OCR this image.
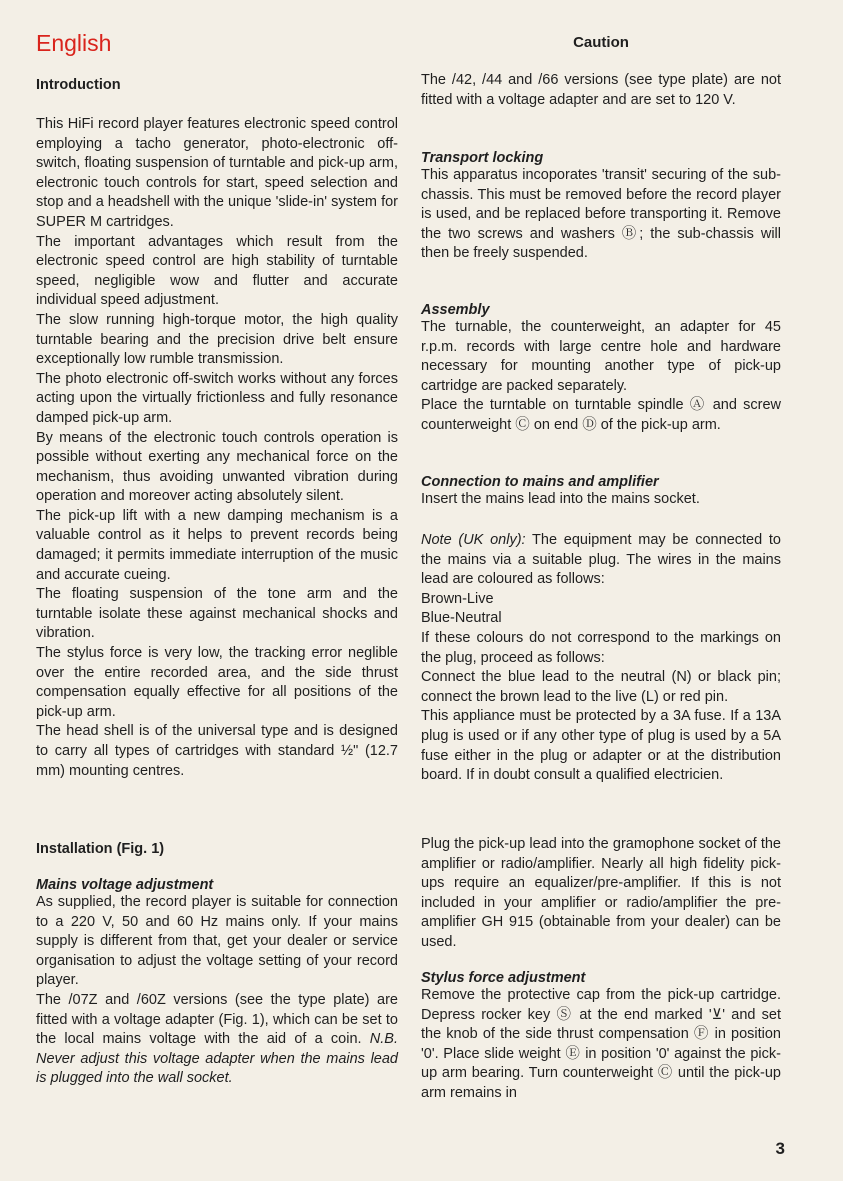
English
Introduction

This HiFi record player features electronic speed control employing a tacho generator, photo-electronic off-switch, floating suspension of turntable and pick-up arm, electronic touch controls for start, speed selection and stop and a headshell with the unique 'slide-in' system for SUPER M cartridges.

The important advantages which result from the electronic speed control are high stability of turntable speed, negligible wow and flutter and accurate individual speed adjustment.

The slow running high-torque motor, the high quality turntable bearing and the precision drive belt ensure exceptionally low rumble transmission.

The photo electronic off-switch works without any forces acting upon the virtually frictionless and fully resonance damped pick-up arm.

By means of the electronic touch controls operation is possible without exerting any mechanical force on the mechanism, thus avoiding unwanted vibration during operation and moreover acting absolutely silent.

The pick-up lift with a new damping mechanism is a valuable control as it helps to prevent records being damaged; it permits immediate interruption of the music and accurate cueing.

The floating suspension of the tone arm and the turntable isolate these against mechanical shocks and vibration.

The stylus force is very low, the tracking error neglible over the entire recorded area, and the side thrust compensation equally effective for all positions of the pick-up arm.

The head shell is of the universal type and is designed to carry all types of cartridges with standard ½" (12.7 mm) mounting centres.

Installation (Fig. 1)
Mains voltage adjustment

As supplied, the record player is suitable for connection to a 220 V, 50 and 60 Hz mains only. If your mains supply is different from that, get your dealer or service organisation to adjust the voltage setting of your record player.

The /07Z and /60Z versions (see the type plate) are fitted with a voltage adapter (Fig. 1), which can be set to the local mains voltage with the aid of a coin. N.B. Never adjust this voltage adapter when the mains lead is plugged into the wall socket.

Caution

The /42, /44 and /66 versions (see type plate) are not fitted with a voltage adapter and are set to 120 V.

Transport locking

This apparatus incoporates 'transit' securing of the sub-chassis. This must be removed before the record player is used, and be replaced before transporting it. Remove the two screws and washers Ⓑ; the sub-chassis will then be freely suspended.

Assembly

The turnable, the counterweight, an adapter for 45 r.p.m. records with large centre hole and hardware necessary for mounting another type of pick-up cartridge are packed separately.

Place the turntable on turntable spindle Ⓐ and screw counterweight Ⓒ on end Ⓓ of the pick-up arm.

Connection to mains and amplifier

Insert the mains lead into the mains socket.

Note (UK only): The equipment may be connected to the mains via a suitable plug. The wires in the mains lead are coloured as follows:

Brown-Live

Blue-Neutral

If these colours do not correspond to the markings on the plug, proceed as follows:

Connect the blue lead to the neutral (N) or black pin; connect the brown lead to the live (L) or red pin.

This appliance must be protected by a 3A fuse. If a 13A plug is used or if any other type of plug is used by a 5A fuse either in the plug or adapter or at the distribution board. If in doubt consult a qualified electricien.

Plug the pick-up lead into the gramophone socket of the amplifier or radio/amplifier. Nearly all high fidelity pick-ups require an equalizer/pre-amplifier. If this is not included in your amplifier or radio/amplifier the pre-amplifier GH 915 (obtainable from your dealer) can be used.

Stylus force adjustment

Remove the protective cap from the pick-up cartridge. Depress rocker key Ⓢ at the end marked '⊻' and set the knob of the side thrust compensation Ⓕ in position '0'. Place slide weight Ⓔ in position '0' against the pick-up arm bearing. Turn counterweight Ⓒ until the pick-up arm remains in

3
